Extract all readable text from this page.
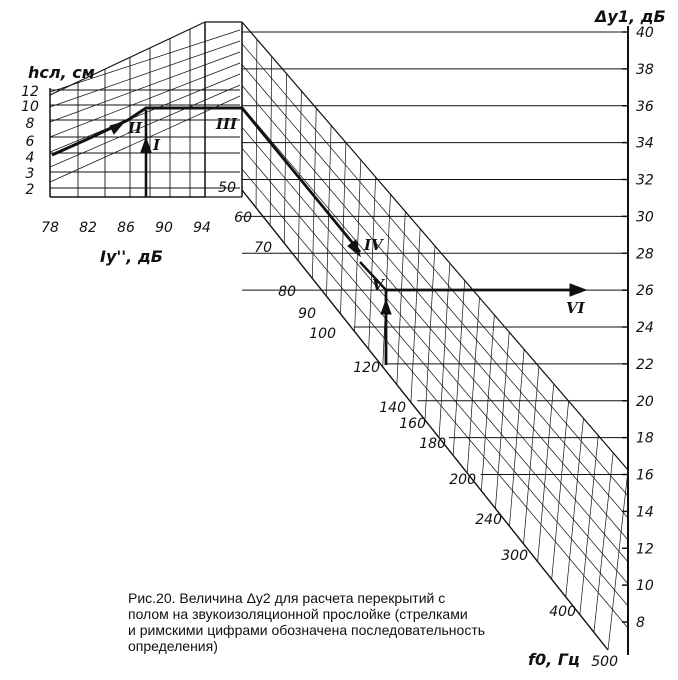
Δу1, дБ
hсл, см
Iу'', дБ
f0, Гц
40
38
36
34
32
30
28
26
24
22
20
18
16
14
12
10
8
12
10
8
6
4
3
2
78 82 86 90 94
50
60
70
80
90
100
120
140
160
180
200
240
300
400
500
I
II	III
IV
V
VI
Рис.20. Величина Δу2 для расчета перекрытий с
полом на звукоизоляционной прослойке (стрелками
и римскими цифрами обозначена последовательность
определения)
